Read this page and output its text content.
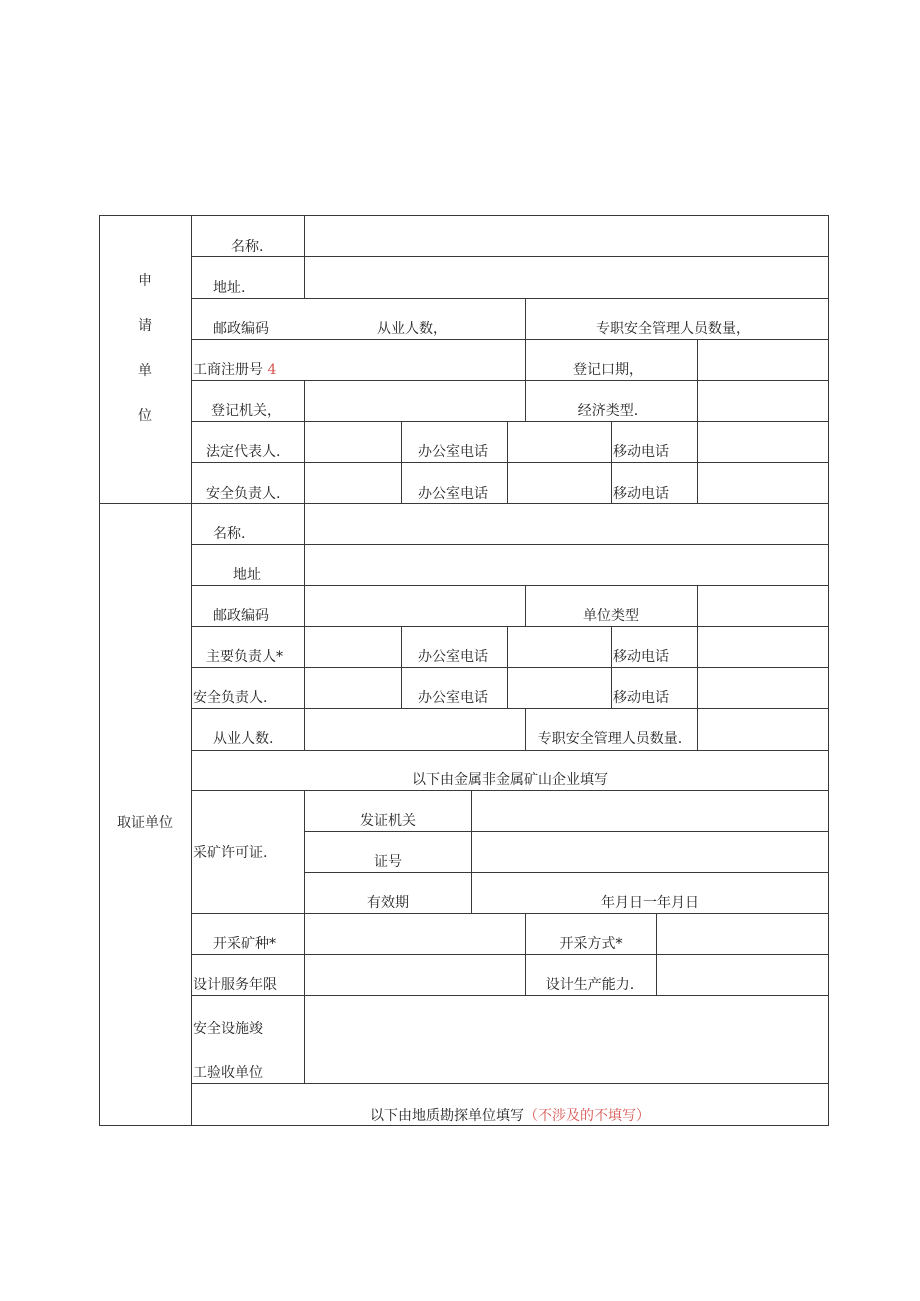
申
请
单
位
名称.
地址.
邮政编码	从业人数，	专职安全管理人员数量，
工商注册号 4	登记口期，
登记机关，	经济类型.
法定代表人.	办公室电话	移动电话
安全负责人.	办公室电话	移动电话
取证单位
名称.
地址
邮政编码	单位类型
主要负责人*	办公室电话	移动电话
安全负责人.	办公室电话	移动电话
从业人数.	专职安全管理人员数量.
以下由金属非金属矿山企业填写
采矿许可证.
发证机关
证号
有效期	年月日一年月日
开采矿种*	开采方式*
设计服务年限	设计生产能力.
安全设施竣
工验收单位
以下由地质勘探单位填写（不涉及的不填写）
